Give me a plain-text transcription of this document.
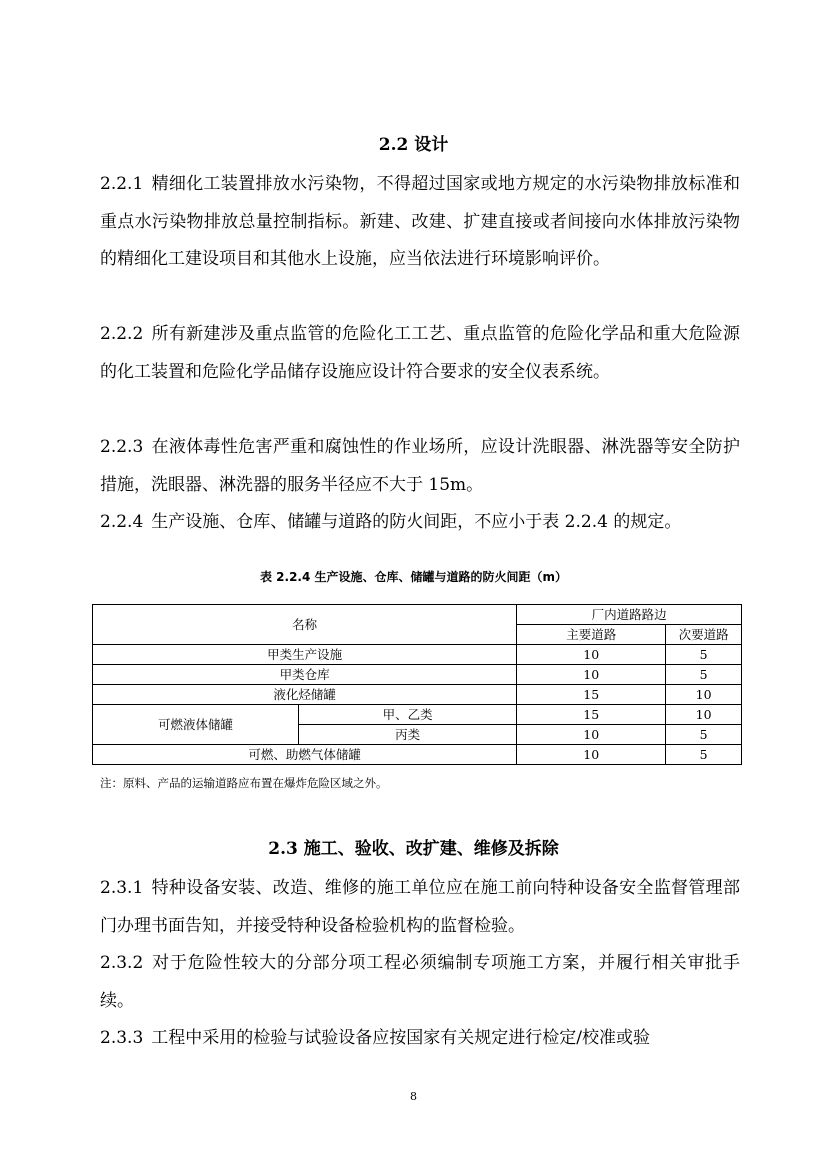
2.2 设计
2.2.1 精细化工装置排放水污染物，不得超过国家或地方规定的水污染物排放标准和重点水污染物排放总量控制指标。新建、改建、扩建直接或者间接向水体排放污染物的精细化工建设项目和其他水上设施，应当依法进行环境影响评价。
2.2.2 所有新建涉及重点监管的危险化工工艺、重点监管的危险化学品和重大危险源的化工装置和危险化学品储存设施应设计符合要求的安全仪表系统。
2.2.3 在液体毒性危害严重和腐蚀性的作业场所，应设计洗眼器、淋洗器等安全防护措施，洗眼器、淋洗器的服务半径应不大于 15m。
2.2.4 生产设施、仓库、储罐与道路的防火间距，不应小于表 2.2.4 的规定。
表 2.2.4 生产设施、仓库、储罐与道路的防火间距（m）
名称		厂内道路路边	
		主要道路	次要道路
甲类生产设施		10	5
甲类仓库		10	5
液化烃储罐		15	10
可燃液体储罐	甲、乙类	15	10
	丙类	10	5
可燃、助燃气体储罐		10	5
注：原料、产品的运输道路应布置在爆炸危险区域之外。
2.3 施工、验收、改扩建、维修及拆除
2.3.1 特种设备安装、改造、维修的施工单位应在施工前向特种设备安全监督管理部门办理书面告知，并接受特种设备检验机构的监督检验。
2.3.2 对于危险性较大的分部分项工程必须编制专项施工方案，并履行相关审批手续。
2.3.3 工程中采用的检验与试验设备应按国家有关规定进行检定/校准或验
8
